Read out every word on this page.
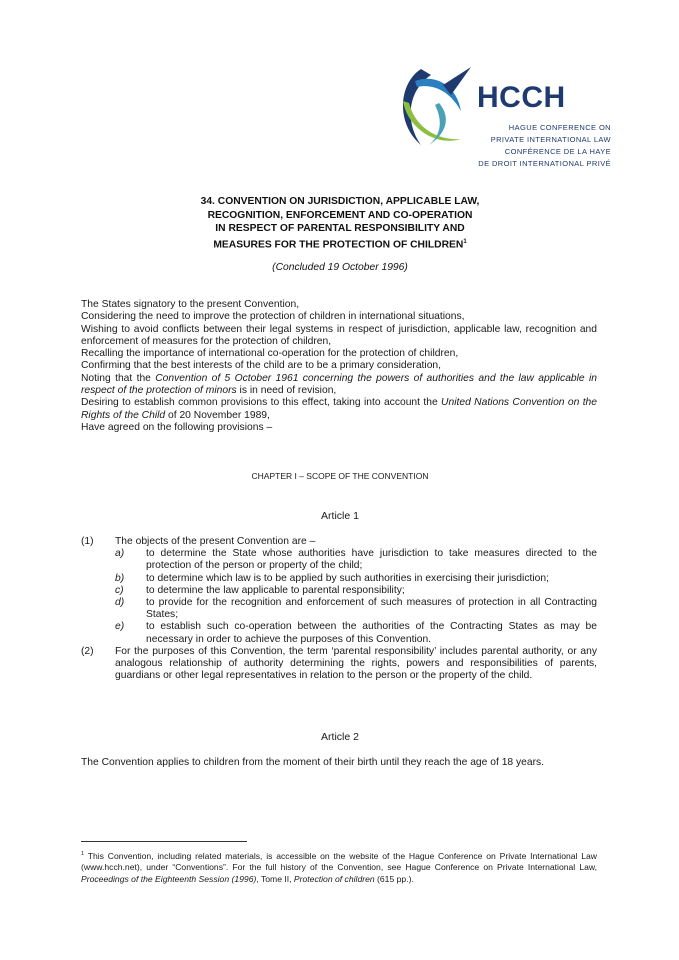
HCCH
HAGUE CONFERENCE ON
PRIVATE INTERNATIONAL LAW
CONFÉRENCE DE LA HAYE
DE DROIT INTERNATIONAL PRIVÉ
34. CONVENTION ON JURISDICTION, APPLICABLE LAW,
RECOGNITION, ENFORCEMENT AND CO-OPERATION
IN RESPECT OF PARENTAL RESPONSIBILITY AND
MEASURES FOR THE PROTECTION OF CHILDREN$^1$
(Concluded 19 October 1996)

The States signatory to the present Convention,

Considering the need to improve the protection of children in international situations,

Wishing to avoid conflicts between their legal systems in respect of jurisdiction, applicable law, recognition and enforcement of measures for the protection of children,

Recalling the importance of international co-operation for the protection of children,

Confirming that the best interests of the child are to be a primary consideration,

Noting that the Convention of 5 October 1961 concerning the powers of authorities and the law applicable in respect of the protection of minors is in need of revision,

Desiring to establish common provisions to this effect, taking into account the United Nations Convention on the Rights of the Child of 20 November 1989,

Have agreed on the following provisions –

CHAPTER I – SCOPE OF THE CONVENTION
Article 1
(1) The objects of the present Convention are –
a) to determine the State whose authorities have jurisdiction to take measures directed to the protection of the person or property of the child;
b) to determine which law is to be applied by such authorities in exercising their jurisdiction;
c) to determine the law applicable to parental responsibility;
d) to provide for the recognition and enforcement of such measures of protection in all Contracting States;
e) to establish such co-operation between the authorities of the Contracting States as may be necessary in order to achieve the purposes of this Convention.
(2) For the purposes of this Convention, the term ‘parental responsibility’ includes parental authority, or any analogous relationship of authority determining the rights, powers and responsibilities of parents, guardians or other legal representatives in relation to the person or the property of the child.
Article 2
The Convention applies to children from the moment of their birth until they reach the age of 18 years.
$^1$ This Convention, including related materials, is accessible on the website of the Hague Conference on Private International Law (www.hcch.net), under “Conventions”. For the full history of the Convention, see Hague Conference on Private International Law, Proceedings of the Eighteenth Session (1996), Tome II, Protection of children (615 pp.).
